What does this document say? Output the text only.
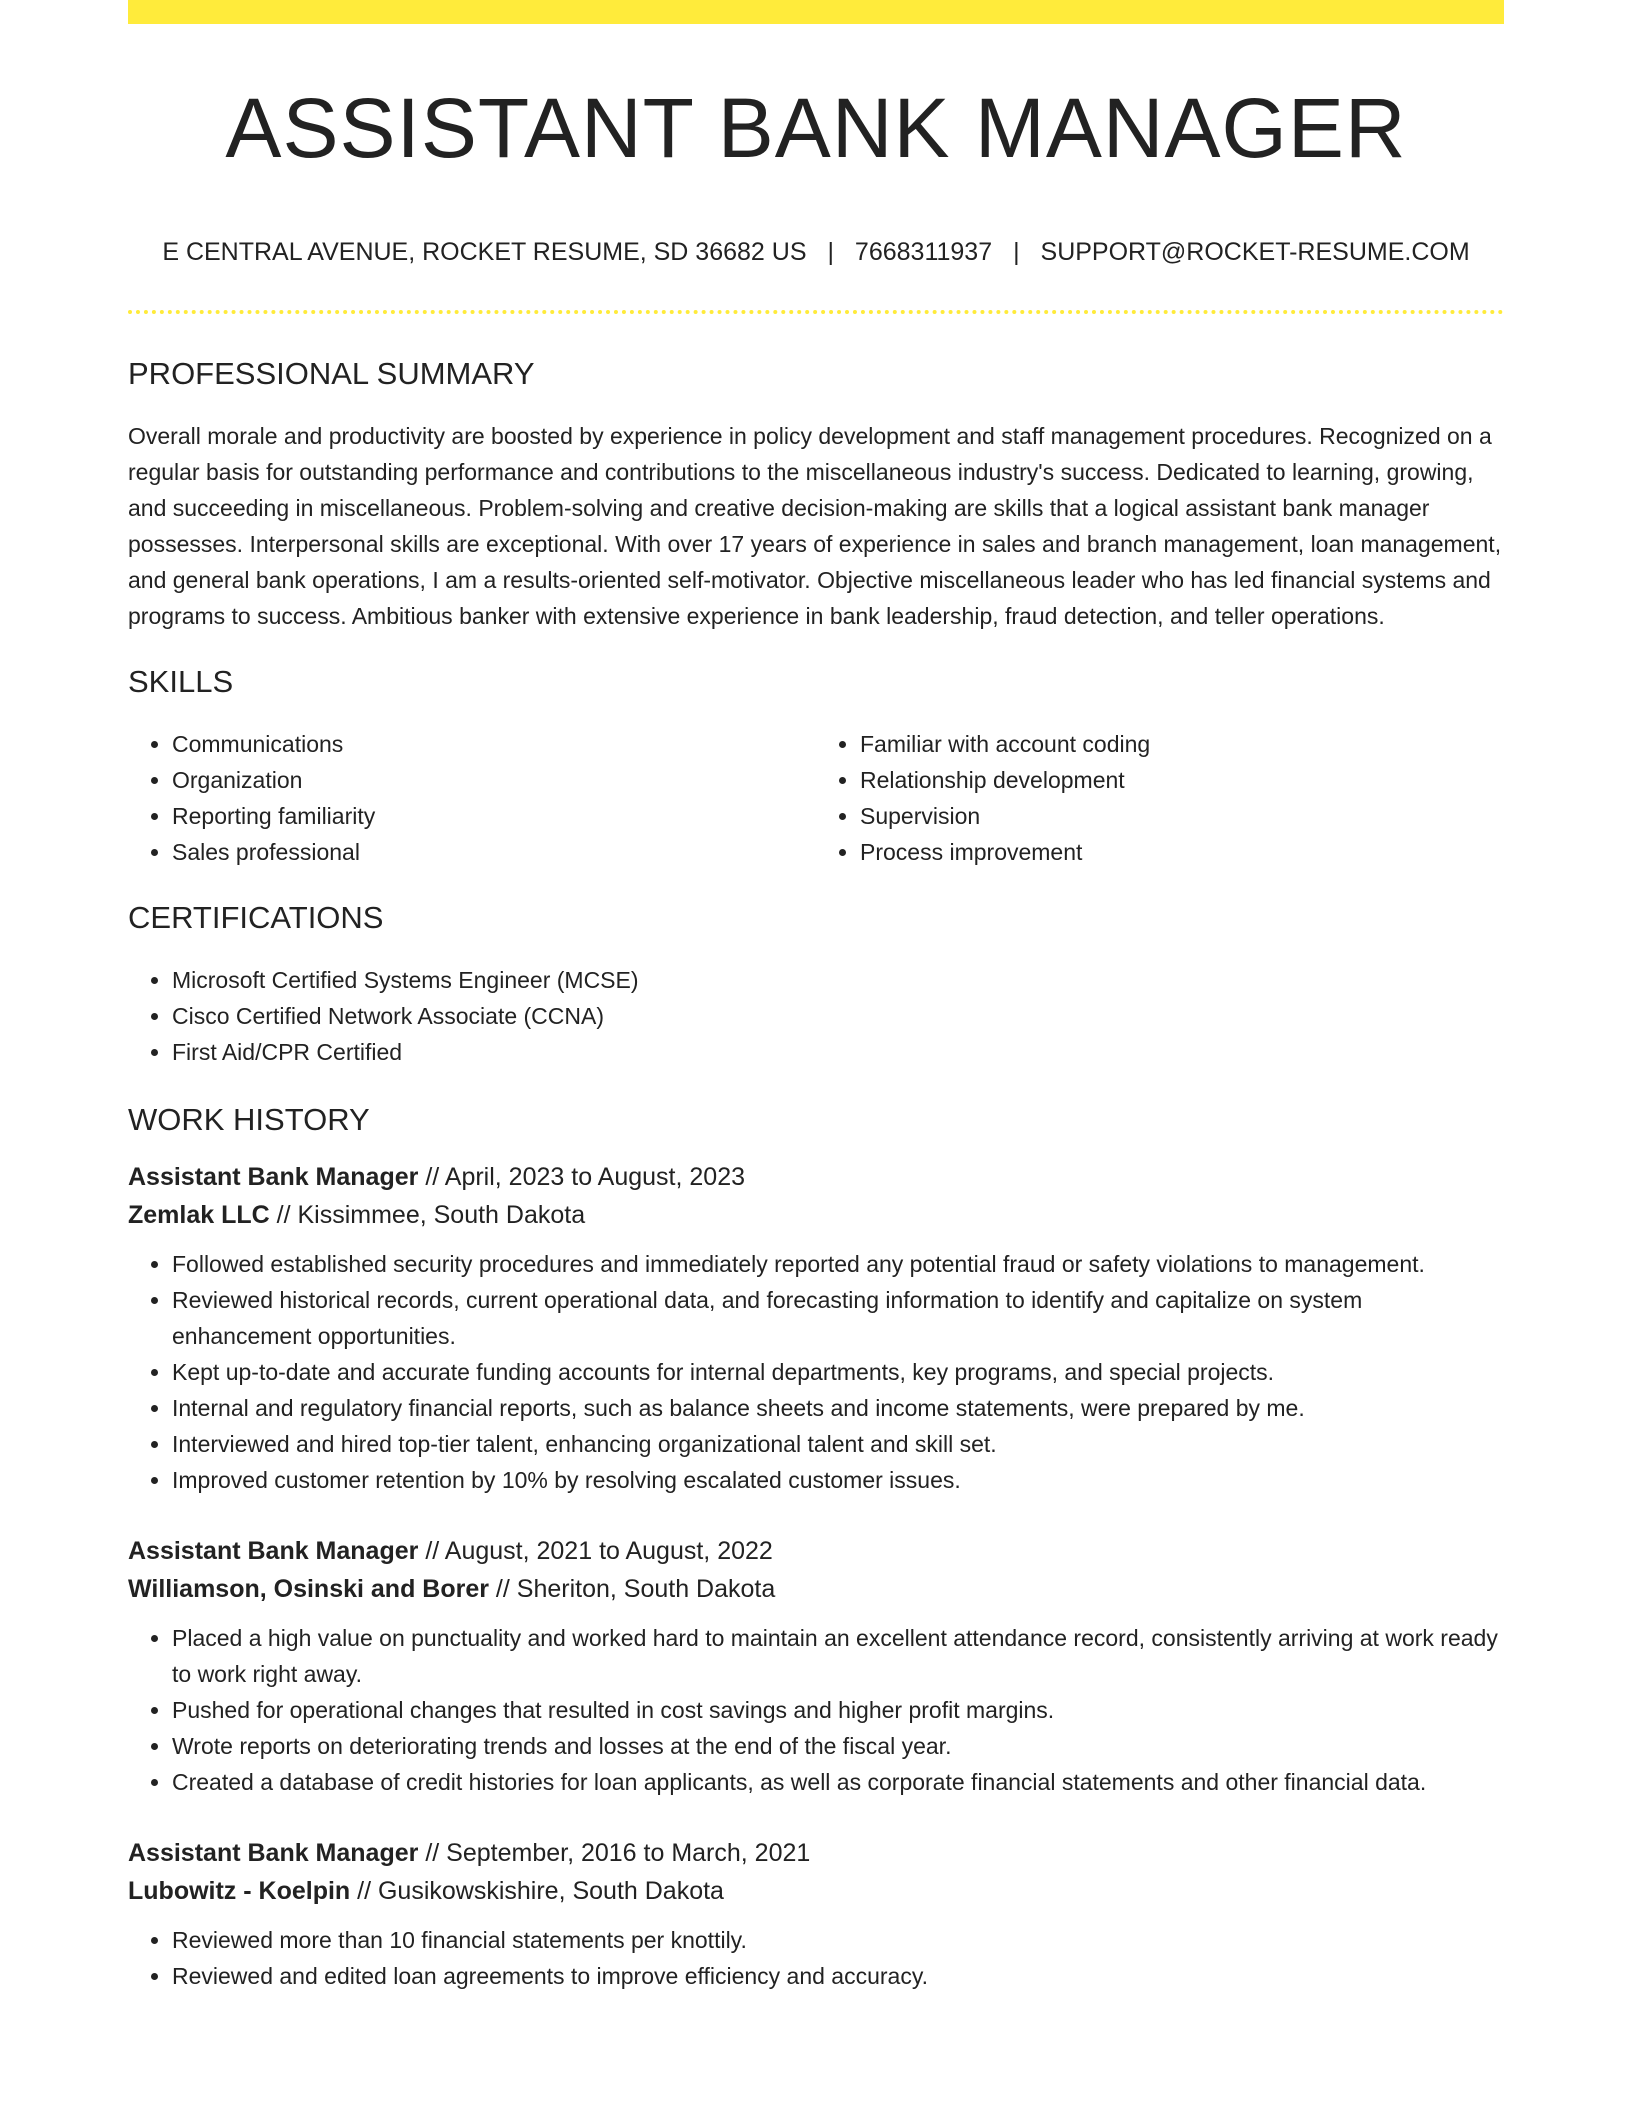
ASSISTANT BANK MANAGER
E CENTRAL AVENUE, ROCKET RESUME, SD 36682 US | 7668311937 | SUPPORT@ROCKET-RESUME.COM
PROFESSIONAL SUMMARY
Overall morale and productivity are boosted by experience in policy development and staff management procedures. Recognized on a regular basis for outstanding performance and contributions to the miscellaneous industry's success. Dedicated to learning, growing, and succeeding in miscellaneous. Problem-solving and creative decision-making are skills that a logical assistant bank manager possesses. Interpersonal skills are exceptional. With over 17 years of experience in sales and branch management, loan management, and general bank operations, I am a results-oriented self-motivator. Objective miscellaneous leader who has led financial systems and programs to success. Ambitious banker with extensive experience in bank leadership, fraud detection, and teller operations.
SKILLS
• Communications
• Organization
• Reporting familiarity
• Sales professional
• Familiar with account coding
• Relationship development
• Supervision
• Process improvement
CERTIFICATIONS
• Microsoft Certified Systems Engineer (MCSE)
• Cisco Certified Network Associate (CCNA)
• First Aid/CPR Certified
WORK HISTORY
Assistant Bank Manager // April, 2023 to August, 2023
Zemlak LLC // Kissimmee, South Dakota
• Followed established security procedures and immediately reported any potential fraud or safety violations to management.
• Reviewed historical records, current operational data, and forecasting information to identify and capitalize on system enhancement opportunities.
• Kept up-to-date and accurate funding accounts for internal departments, key programs, and special projects.
• Internal and regulatory financial reports, such as balance sheets and income statements, were prepared by me.
• Interviewed and hired top-tier talent, enhancing organizational talent and skill set.
• Improved customer retention by 10% by resolving escalated customer issues.
Assistant Bank Manager // August, 2021 to August, 2022
Williamson, Osinski and Borer // Sheriton, South Dakota
• Placed a high value on punctuality and worked hard to maintain an excellent attendance record, consistently arriving at work ready to work right away.
• Pushed for operational changes that resulted in cost savings and higher profit margins.
• Wrote reports on deteriorating trends and losses at the end of the fiscal year.
• Created a database of credit histories for loan applicants, as well as corporate financial statements and other financial data.
Assistant Bank Manager // September, 2016 to March, 2021
Lubowitz - Koelpin // Gusikowskishire, South Dakota
• Reviewed more than 10 financial statements per knottily.
• Reviewed and edited loan agreements to improve efficiency and accuracy.
